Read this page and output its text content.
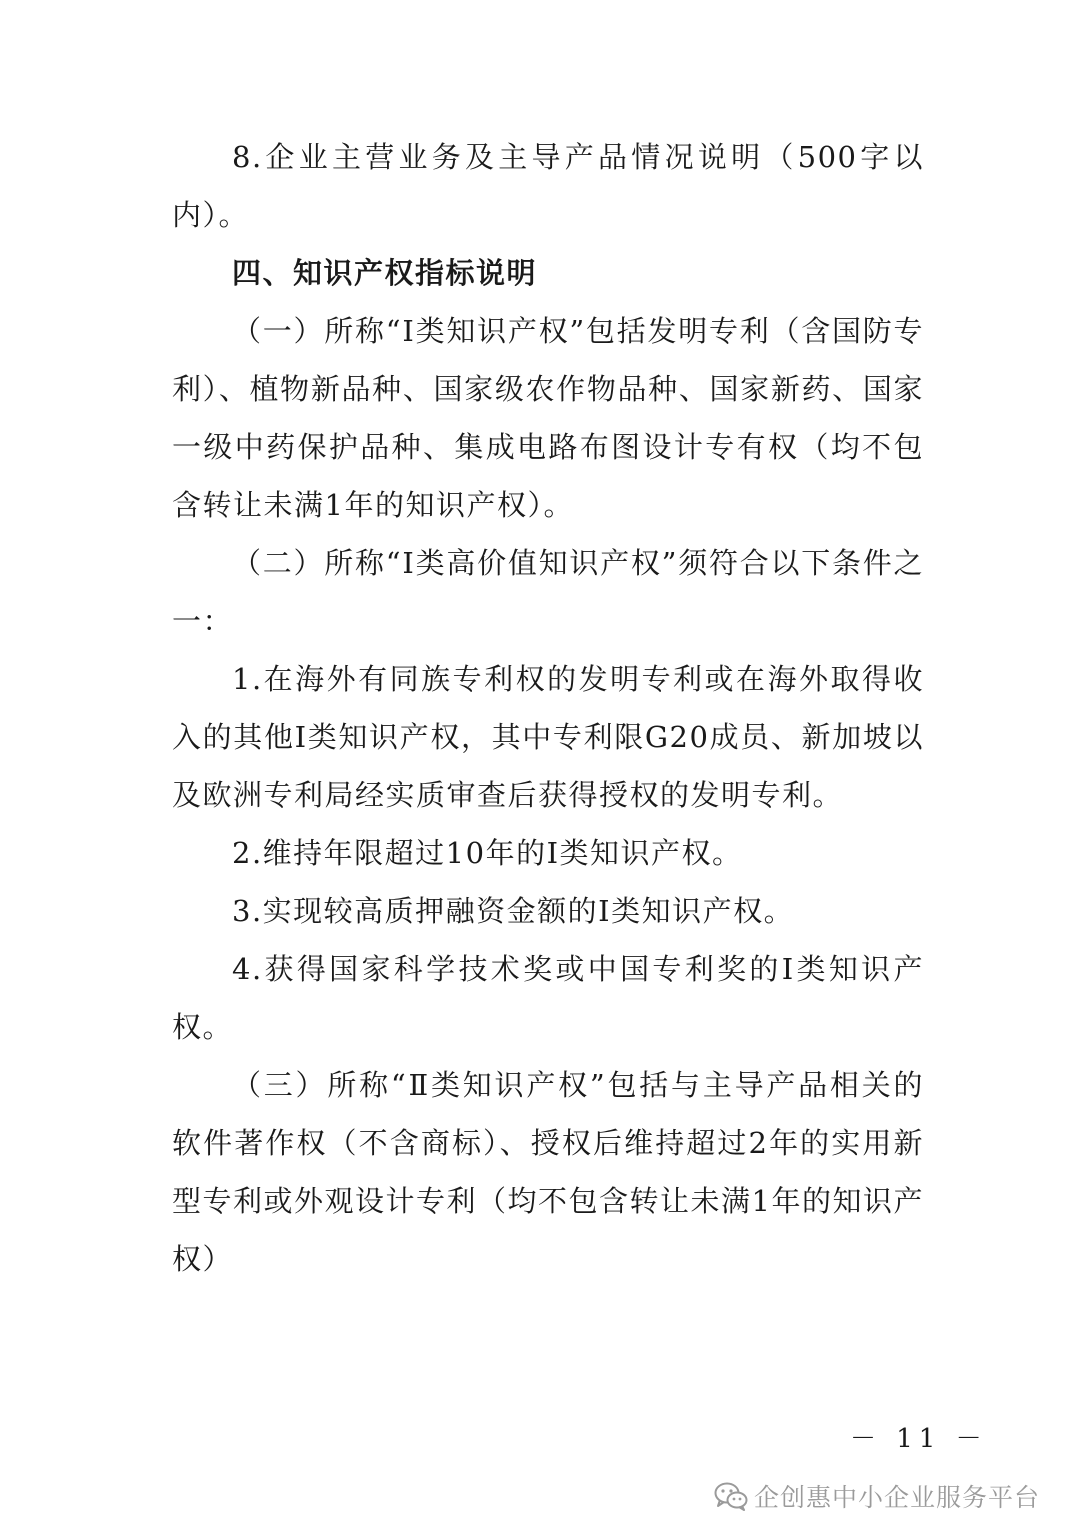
8.企业主营业务及主导产品情况说明（500字以内）。

四、知识产权指标说明

（一）所称“Ⅰ类知识产权”包括发明专利（含国防专利）、植物新品种、国家级农作物品种、国家新药、国家一级中药保护品种、集成电路布图设计专有权（均不包含转让未满1年的知识产权）。

（二）所称“Ⅰ类高价值知识产权”须符合以下条件之一：

1.在海外有同族专利权的发明专利或在海外取得收入的其他Ⅰ类知识产权，其中专利限G20成员、新加坡以及欧洲专利局经实质审查后获得授权的发明专利。

2.维持年限超过10年的Ⅰ类知识产权。

3.实现较高质押融资金额的Ⅰ类知识产权。

4.获得国家科学技术奖或中国专利奖的Ⅰ类知识产权。

（三）所称“Ⅱ类知识产权”包括与主导产品相关的软件著作权（不含商标）、授权后维持超过2年的实用新型专利或外观设计专利（均不包含转让未满1年的知识产权）

－ 11 －
企创惠中小企业服务平台
